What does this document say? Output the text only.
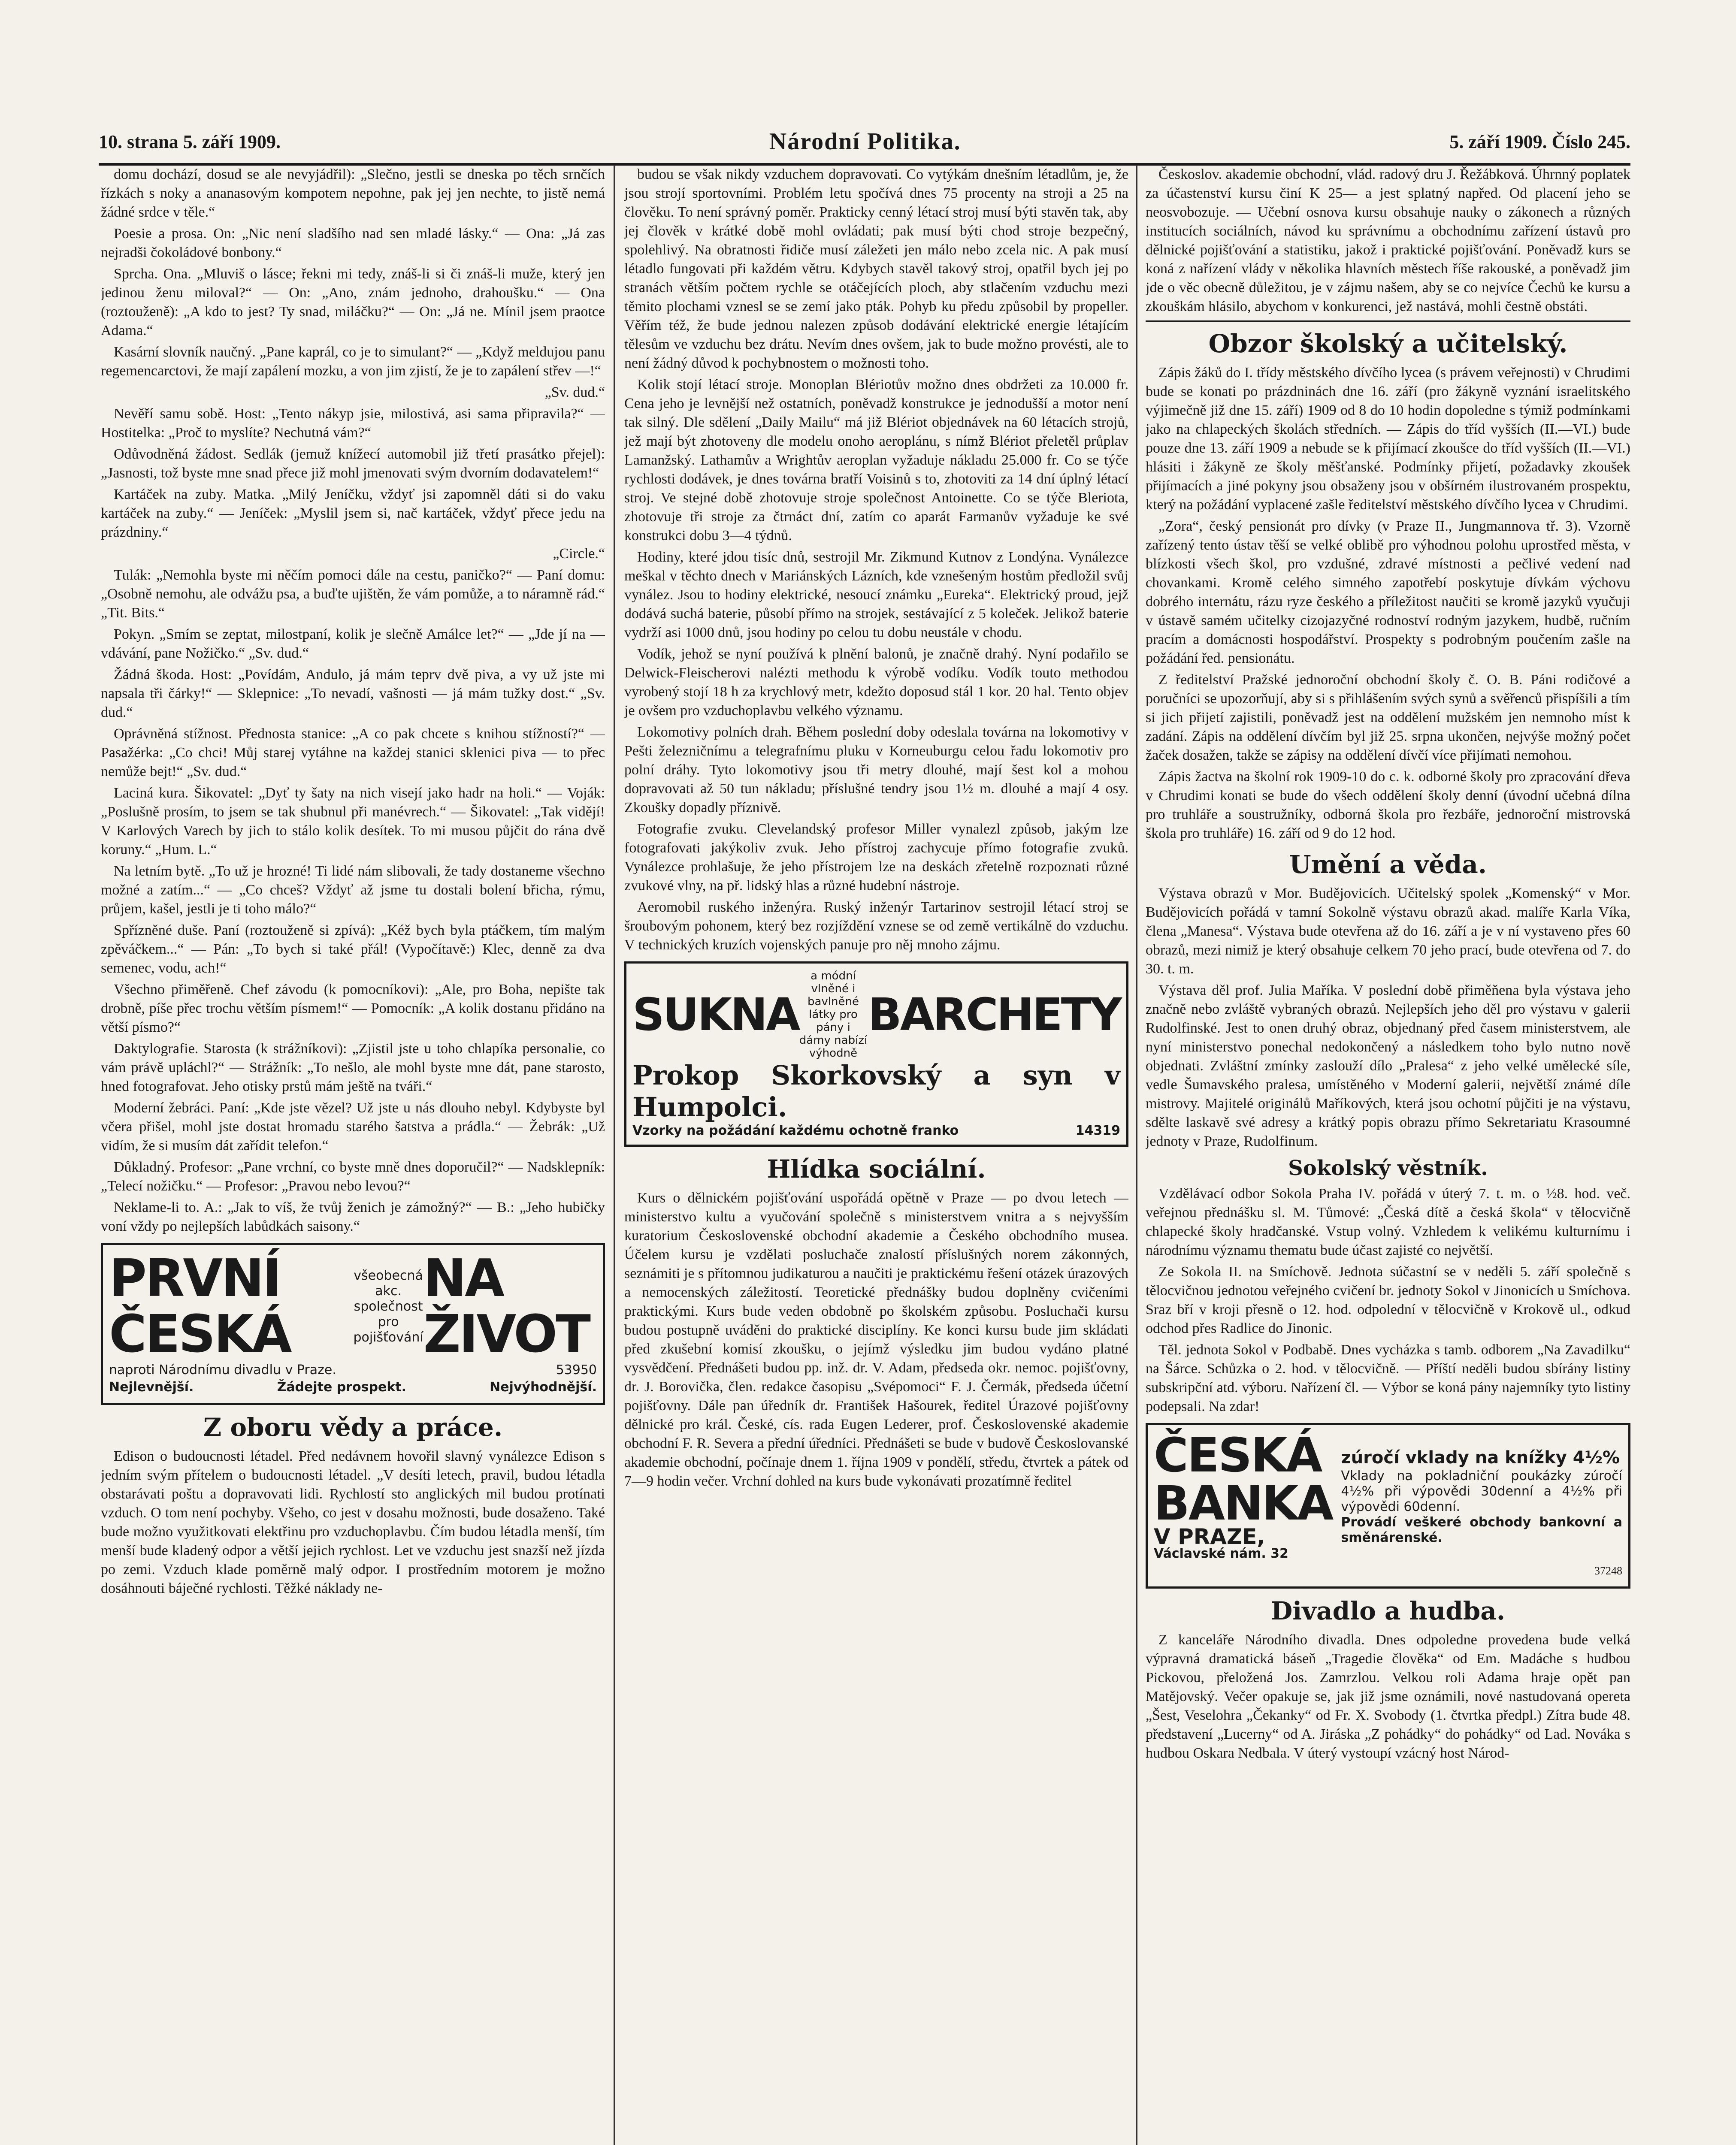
10. strana 5. září 1909.	Národní Politika.	5. září 1909. Číslo 245.

domu dochází, dosud se ale nevyjádřil): „Slečno, jestli se dneska po těch srnčích řízkách s noky a ananasovým kompotem nepohne, pak jej jen nechte, to jistě nemá žádné srdce v těle.“

Poesie a prosa. On: „Nic není sladšího nad sen mladé lásky.“ — Ona: „Já zas nejradši čokoládové bonbony.“

Sprcha. Ona. „Mluviš o lásce; řekni mi tedy, znáš-li si či znáš-li muže, který jen jedinou ženu miloval?“ — On: „Ano, znám jednoho, drahoušku.“ — Ona (roztouženě): „A kdo to jest? Ty snad, miláčku?“ — On: „Já ne. Mínil jsem praotce Adama.“

Kasární slovník naučný. „Pane kaprál, co je to simulant?“ — „Když meldujou panu regemencarctovi, že mají zapálení mozku, a von jim zjistí, že je to zapálení střev —!“

„Sv. dud.“

Nevěří samu sobě. Host: „Tento nákyp jsie, milostivá, asi sama připravila?“ — Hostitelka: „Proč to myslíte? Nechutná vám?“

Odůvodněná žádost. Sedlák (jemuž knížecí automobil již třetí prasátko přejel): „Jasnosti, tož byste mne snad přece již mohl jmenovati svým dvorním dodavatelem!“

Kartáček na zuby. Matka. „Milý Jeníčku, vždyť jsi zapomněl dáti si do vaku kartáček na zuby.“ — Jeníček: „Myslil jsem si, nač kartáček, vždyť přece jedu na prázdniny.“

„Circle.“

Tulák: „Nemohla byste mi něčím pomoci dále na cestu, paničko?“ — Paní domu: „Osobně nemohu, ale odvážu psa, a buďte ujištěn, že vám pomůže, a to náramně rád.“ „Tit. Bits.“

Pokyn. „Smím se zeptat, milostpaní, kolik je slečně Amálce let?“ — „Jde jí na — vdávání, pane Nožičko.“ „Sv. dud.“

Žádná škoda. Host: „Povídám, Andulo, já mám teprv dvě piva, a vy už jste mi napsala tři čárky!“ — Sklepnice: „To nevadí, vašnosti — já mám tužky dost.“ „Sv. dud.“

Oprávněná stížnost. Přednosta stanice: „A co pak chcete s knihou stížností?“ — Pasažérka: „Co chci! Můj starej vytáhne na každej stanici sklenici piva — to přec nemůže bejt!“ „Sv. dud.“

Laciná kura. Šikovatel: „Dyť ty šaty na nich visejí jako hadr na holi.“ — Voják: „Poslušně prosím, to jsem se tak shubnul při manévrech.“ — Šikovatel: „Tak vidějí! V Karlových Varech by jich to stálo kolik desítek. To mi musou půjčit do rána dvě koruny.“ „Hum. L.“

Na letním bytě. „To už je hrozné! Ti lidé nám slibovali, že tady dostaneme všechno možné a zatím...“ — „Co chceš? Vždyť až jsme tu dostali bolení břicha, rýmu, průjem, kašel, jestli je ti toho málo?“

Spřízněné duše. Paní (roztouženě si zpívá): „Kéž bych byla ptáčkem, tím malým zpěváčkem...“ — Pán: „To bych si také přál! (Vypočítavě:) Klec, denně za dva semenec, vodu, ach!“

Všechno přiměřeně. Chef závodu (k pomocníkovi): „Ale, pro Boha, nepište tak drobně, píše přec trochu větším písmem!“ — Pomocník: „A kolik dostanu přidáno na větší písmo?“

Daktylografie. Starosta (k strážníkovi): „Zjistil jste u toho chlapíka personalie, co vám právě upláchl?“ — Strážník: „To nešlo, ale mohl byste mne dát, pane starosto, hned fotografovat. Jeho otisky prstů mám ještě na tváři.“

Moderní žebráci. Paní: „Kde jste vězel? Už jste u nás dlouho nebyl. Kdybyste byl včera přišel, mohl jste dostat hromadu starého šatstva a prádla.“ — Žebrák: „Už vidím, že si musím dát zařídit telefon.“

Důkladný. Profesor: „Pane vrchní, co byste mně dnes doporučil?“ — Nadsklepník: „Telecí nožičku.“ — Profesor: „Pravou nebo levou?“

Neklame-li to. A.: „Jak to víš, že tvůj ženich je zámožný?“ — B.: „Jeho hubičky voní vždy po nejlepších labůdkách saisony.“

PRVNÍ ČESKÁ
všeobecná akc. společnost pro pojišťování
NA ŽIVOT
naproti Národnímu divadlu v Praze.	53950
Nejlevnější.	Žádejte prospekt.	Nejvýhodnější.
Z oboru vědy a práce.

Edison o budoucnosti létadel. Před nedávnem hovořil slavný vynálezce Edison s jedním svým přítelem o budoucnosti létadel. „V desíti letech, pravil, budou létadla obstarávati poštu a dopravovati lidi. Rychlostí sto anglických mil budou protínati vzduch. O tom není pochyby. Všeho, co jest v dosahu možnosti, bude dosaženo. Také bude možno využitkovati elektřinu pro vzduchoplavbu. Čím budou létadla menší, tím menší bude kladený odpor a větší jejich rychlost. Let ve vzduchu jest snazší než jízda po zemi. Vzduch klade poměrně malý odpor. I prostředním motorem je možno dosáhnouti báječné rychlosti. Těžké náklady ne-

budou se však nikdy vzduchem dopravovati. Co vytýkám dnešním létadlům, je, že jsou strojí sportovními. Problém letu spočívá dnes 75 procenty na stroji a 25 na člověku. To není správný poměr. Prakticky cenný létací stroj musí býti stavěn tak, aby jej člověk v krátké době mohl ovládati; pak musí býti chod stroje bezpečný, spolehlivý. Na obratnosti řidiče musí záležeti jen málo nebo zcela nic. A pak musí létadlo fungovati při každém větru. Kdybych stavěl takový stroj, opatřil bych jej po stranách větším počtem rychle se otáčejících ploch, aby stlačením vzduchu mezi těmito plochami vznesl se se zemí jako pták. Pohyb ku předu způsobil by propeller. Věřím též, že bude jednou nalezen způsob dodávání elektrické energie létajícím tělesům ve vzduchu bez drátu. Nevím dnes ovšem, jak to bude možno provésti, ale to není žádný důvod k pochybnostem o možnosti toho.

Kolik stojí létací stroje. Monoplan Blériotův možno dnes obdržeti za 10.000 fr. Cena jeho je levnější než ostatních, poněvadž konstrukce je jednodušší a motor není tak silný. Dle sdělení „Daily Mailu“ má již Blériot objednávek na 60 létacích strojů, jež mají být zhotoveny dle modelu onoho aeroplánu, s nímž Blériot přeletěl průplav Lamanžský. Lathamův a Wrightův aeroplan vyžaduje nákladu 25.000 fr. Co se týče rychlosti dodávek, je dnes továrna bratří Voisinů s to, zhotoviti za 14 dní úplný létací stroj. Ve stejné době zhotovuje stroje společnost Antoinette. Co se týče Bleriota, zhotovuje tři stroje za čtrnáct dní, zatím co aparát Farmanův vyžaduje ke své konstrukci dobu 3—4 týdnů.

Hodiny, které jdou tisíc dnů, sestrojil Mr. Zikmund Kutnov z Londýna. Vynálezce meškal v těchto dnech v Mariánských Lázních, kde vznešeným hostům předložil svůj vynález. Jsou to hodiny elektrické, nesoucí známku „Eureka“. Elektrický proud, jejž dodává suchá baterie, působí přímo na strojek, sestávající z 5 koleček. Jelikož baterie vydrží asi 1000 dnů, jsou hodiny po celou tu dobu neustále v chodu.

Vodík, jehož se nyní používá k plnění balonů, je značně drahý. Nyní podařilo se Delwick-Fleischerovi nalézti methodu k výrobě vodíku. Vodík touto methodou vyrobený stojí 18 h za krychlový metr, kdežto doposud stál 1 kor. 20 hal. Tento objev je ovšem pro vzduchoplavbu velkého významu.

Lokomotivy polních drah. Během poslední doby odeslala továrna na lokomotivy v Pešti železničnímu a telegrafnímu pluku v Korneuburgu celou řadu lokomotiv pro polní dráhy. Tyto lokomotivy jsou tři metry dlouhé, mají šest kol a mohou dopravovati až 50 tun nákladu; příslušné tendry jsou 1½ m. dlouhé a mají 4 osy. Zkoušky dopadly příznivě.

Fotografie zvuku. Clevelandský profesor Miller vynalezl způsob, jakým lze fotografovati jakýkoliv zvuk. Jeho přístroj zachycuje přímo fotografie zvuků. Vynálezce prohlašuje, že jeho přístrojem lze na deskách zřetelně rozpoznati různé zvukové vlny, na př. lidský hlas a různé hudební nástroje.

Aeromobil ruského inženýra. Ruský inženýr Tartarinov sestrojil létací stroj se šroubovým pohonem, který bez rozjíždění vznese se od země vertikálně do vzduchu. V technických kruzích vojenských panuje pro něj mnoho zájmu.

SUKNA
a módní vlněné i bavlněné látky pro pány i dámy nabízí výhodně
BARCHETY
Prokop Skorkovský a syn v Humpolci.
Vzorky na požádání každému ochotně franko	14319
Hlídka sociální.

Kurs o dělnickém pojišťování uspořádá opětně v Praze — po dvou letech — ministerstvo kultu a vyučování společně s ministerstvem vnitra a s nejvyšším kuratorium Československé obchodní akademie a Českého obchodního musea. Účelem kursu je vzdělati posluchače znalostí příslušných norem zákonných, seznámiti je s přítomnou judikaturou a naučiti je praktickému řešení otázek úrazových a nemocenských záležitostí. Teoretické přednášky budou doplněny cvičeními praktickými. Kurs bude veden obdobně po školském způsobu. Posluchači kursu budou postupně uváděni do praktické disciplíny. Ke konci kursu bude jim skládati před zkušební komisí zkoušku, o jejímž výsledku jim budou vydáno platné vysvědčení. Přednášeti budou pp. inž. dr. V. Adam, předseda okr. nemoc. pojišťovny, dr. J. Borovička, člen. redakce časopisu „Svépomoci“ F. J. Čermák, předseda účetní pojišťovny. Dále pan úředník dr. František Hašourek, ředitel Úrazové pojišťovny dělnické pro král. České, cís. rada Eugen Lederer, prof. Československé akademie obchodní F. R. Severa a přední úředníci. Přednášeti se bude v budově Českoslovanské akademie obchodní, počínaje dnem 1. října 1909 v pondělí, středu, čtvrtek a pátek od 7—9 hodin večer. Vrchní dohled na kurs bude vykonávati prozatímně ředitel

Českoslov. akademie obchodní, vlád. radový dru J. Řežábková. Úhrnný poplatek za účastenství kursu činí K 25— a jest splatný napřed. Od placení jeho se neosvobozuje. — Učební osnova kursu obsahuje nauky o zákonech a různých institucích sociálních, návod ku správnímu a obchodnímu zařízení ústavů pro dělnické pojišťování a statistiku, jakož i praktické pojišťování. Poněvadž kurs se koná z nařízení vlády v několika hlavních městech říše rakouské, a poněvadž jim jde o věc obecně důležitou, je v zájmu našem, aby se co nejvíce Čechů ke kursu a zkouškám hlásilo, abychom v konkurenci, jež nastává, mohli čestně obstáti.

Obzor školský a učitelský.

Zápis žáků do I. třídy městského dívčího lycea (s právem veřejnosti) v Chrudimi bude se konati po prázdninách dne 16. září (pro žákyně vyznání israelitského výjimečně již dne 15. září) 1909 od 8 do 10 hodin dopoledne s týmiž podmínkami jako na chlapeckých školách středních. — Zápis do tříd vyšších (II.—VI.) bude pouze dne 13. září 1909 a nebude se k přijímací zkoušce do tříd vyšších (II.—VI.) hlásiti i žákyně ze školy měšťanské. Podmínky přijetí, požadavky zkoušek přijímacích a jiné pokyny jsou obsaženy jsou v obšírném ilustrovaném prospektu, který na požádání vyplacené zašle ředitelství městského dívčího lycea v Chrudimi.

„Zora“, český pensionát pro dívky (v Praze II., Jungmannova tř. 3). Vzorně zařízený tento ústav těší se velké oblibě pro výhodnou polohu uprostřed města, v blízkosti všech škol, pro vzdušné, zdravé místnosti a pečlivé vedení nad chovankami. Kromě celého simného zapotřebí poskytuje dívkám výchovu dobrého internátu, rázu ryze českého a příležitost naučiti se kromě jazyků vyučuji v ústavě samém učitelky cizojazyčné rodnoství rodným jazykem, hudbě, ručním pracím a domácnosti hospodářství. Prospekty s podrobným poučením zašle na požádání řed. pensionátu.

Z ředitelství Pražské jednoroční obchodní školy č. O. B. Páni rodičové a poručníci se upozorňují, aby si s přihlášením svých synů a svěřenců přispíšili a tím si jich přijetí zajistili, poněvadž jest na oddělení mužském jen nemnoho míst k zadání. Zápis na oddělení dívčím byl již 25. srpna ukončen, nejvýše možný počet žaček dosažen, takže se zápisy na oddělení dívčí více přijímati nemohou.

Zápis žactva na školní rok 1909-10 do c. k. odborné školy pro zpracování dřeva v Chrudimi konati se bude do všech oddělení školy denní (úvodní učebná dílna pro truhláře a soustružníky, odborná škola pro řezbáře, jednoroční mistrovská škola pro truhláře) 16. září od 9 do 12 hod.

Umění a věda.

Výstava obrazů v Mor. Budějovicích. Učitelský spolek „Komenský“ v Mor. Budějovicích pořádá v tamní Sokolně výstavu obrazů akad. malíře Karla Víka, člena „Manesa“. Výstava bude otevřena až do 16. září a je v ní vystaveno přes 60 obrazů, mezi nimiž je který obsahuje celkem 70 jeho prací, bude otevřena od 7. do 30. t. m.

Výstava děl prof. Julia Maříka. V poslední době přiměňena byla výstava jeho značně nebo zvláště vybraných obrazů. Nejlepších jeho děl pro výstavu v galerii Rudolfinské. Jest to onen druhý obraz, objednaný před časem ministerstvem, ale nyní ministerstvo ponechal nedokončený a následkem toho bylo nutno nově objednati. Zvláštní zmínky zaslouží dílo „Pralesa“ z jeho velké umělecké síle, vedle Šumavského pralesa, umístěného v Moderní galerii, největší známé díle mistrovy. Majitelé originálů Maříkových, která jsou ochotní půjčiti je na výstavu, sdělte laskavě své adresy a krátký popis obrazu přímo Sekretariatu Krasoumné jednoty v Praze, Rudolfinum.

Sokolský věstník.

Vzdělávací odbor Sokola Praha IV. pořádá v úterý 7. t. m. o ½8. hod. več. veřejnou přednášku sl. M. Tůmové: „Česká dítě a česká škola“ v tělocvičně chlapecké školy hradčanské. Vstup volný. Vzhledem k velikému kulturnímu i národnímu významu thematu bude účast zajisté co největší.

Ze Sokola II. na Smíchově. Jednota súčastní se v neděli 5. září společně s tělocvičnou jednotou veřejného cvičení br. jednoty Sokol v Jinonicích u Smíchova. Sraz bří v kroji přesně o 12. hod. odpolední v tělocvičně v Krokově ul., odkud odchod přes Radlice do Jinonic.

Těl. jednota Sokol v Podbabě. Dnes vycházka s tamb. odborem „Na Zavadilku“ na Šárce. Schůzka o 2. hod. v tělocvičně. — Příští neděli budou sbírány listiny subskripční atd. výboru. Nařízení čl. — Výbor se koná pány najemníky tyto listiny podepsali. Na zdar!

ČESKÁ
BANKA
V PRAZE,
Václavské nám. 32
zúročí vklady na knížky 4½%
Vklady na pokladniční poukázky zúročí 4½% při výpovědi 30denní a 4½% při výpovědi 60denní.
Provádí veškeré obchody bankovní a směnárenské.
37248
Divadlo a hudba.

Z kanceláře Národního divadla. Dnes odpoledne provedena bude velká výpravná dramatická báseň „Tragedie člověka“ od Em. Madáche s hudbou Pickovou, přeložená Jos. Zamrzlou. Velkou roli Adama hraje opět pan Matějovský. Večer opakuje se, jak již jsme oznámili, nové nastudovaná opereta „Šest, Veselohra „Čekanky“ od Fr. X. Svobody (1. čtvrtka předpl.) Zítra bude 48. představení „Lucerny“ od A. Jiráska „Z pohádky“ do pohádky“ od Lad. Nováka s hudbou Oskara Nedbala. V úterý vystoupí vzácný host Národ-
